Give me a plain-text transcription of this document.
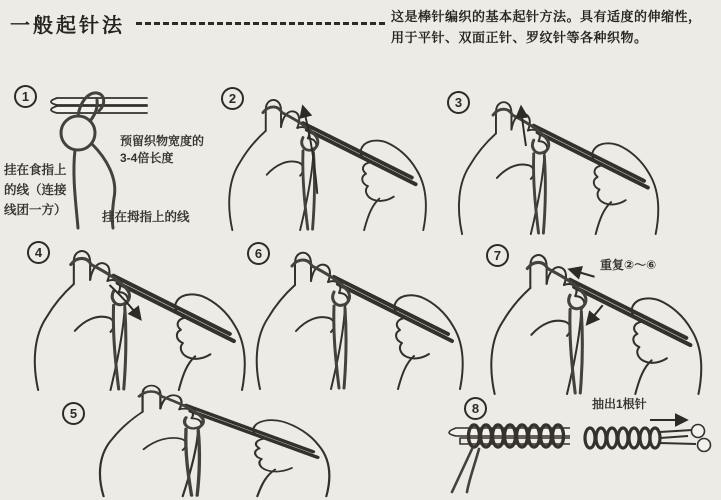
一般起针法	这是棒针编织的基本起针方法。具有适度的伸缩性，
用于平针、双面正针、罗纹针等各种织物。
1
预留织物宽度的
3-4倍长度
挂在食指上
的线（连接
线团一方）	挂在拇指上的线
2	3
4	6	7
重复②～⑥
5	8	抽出1根针
